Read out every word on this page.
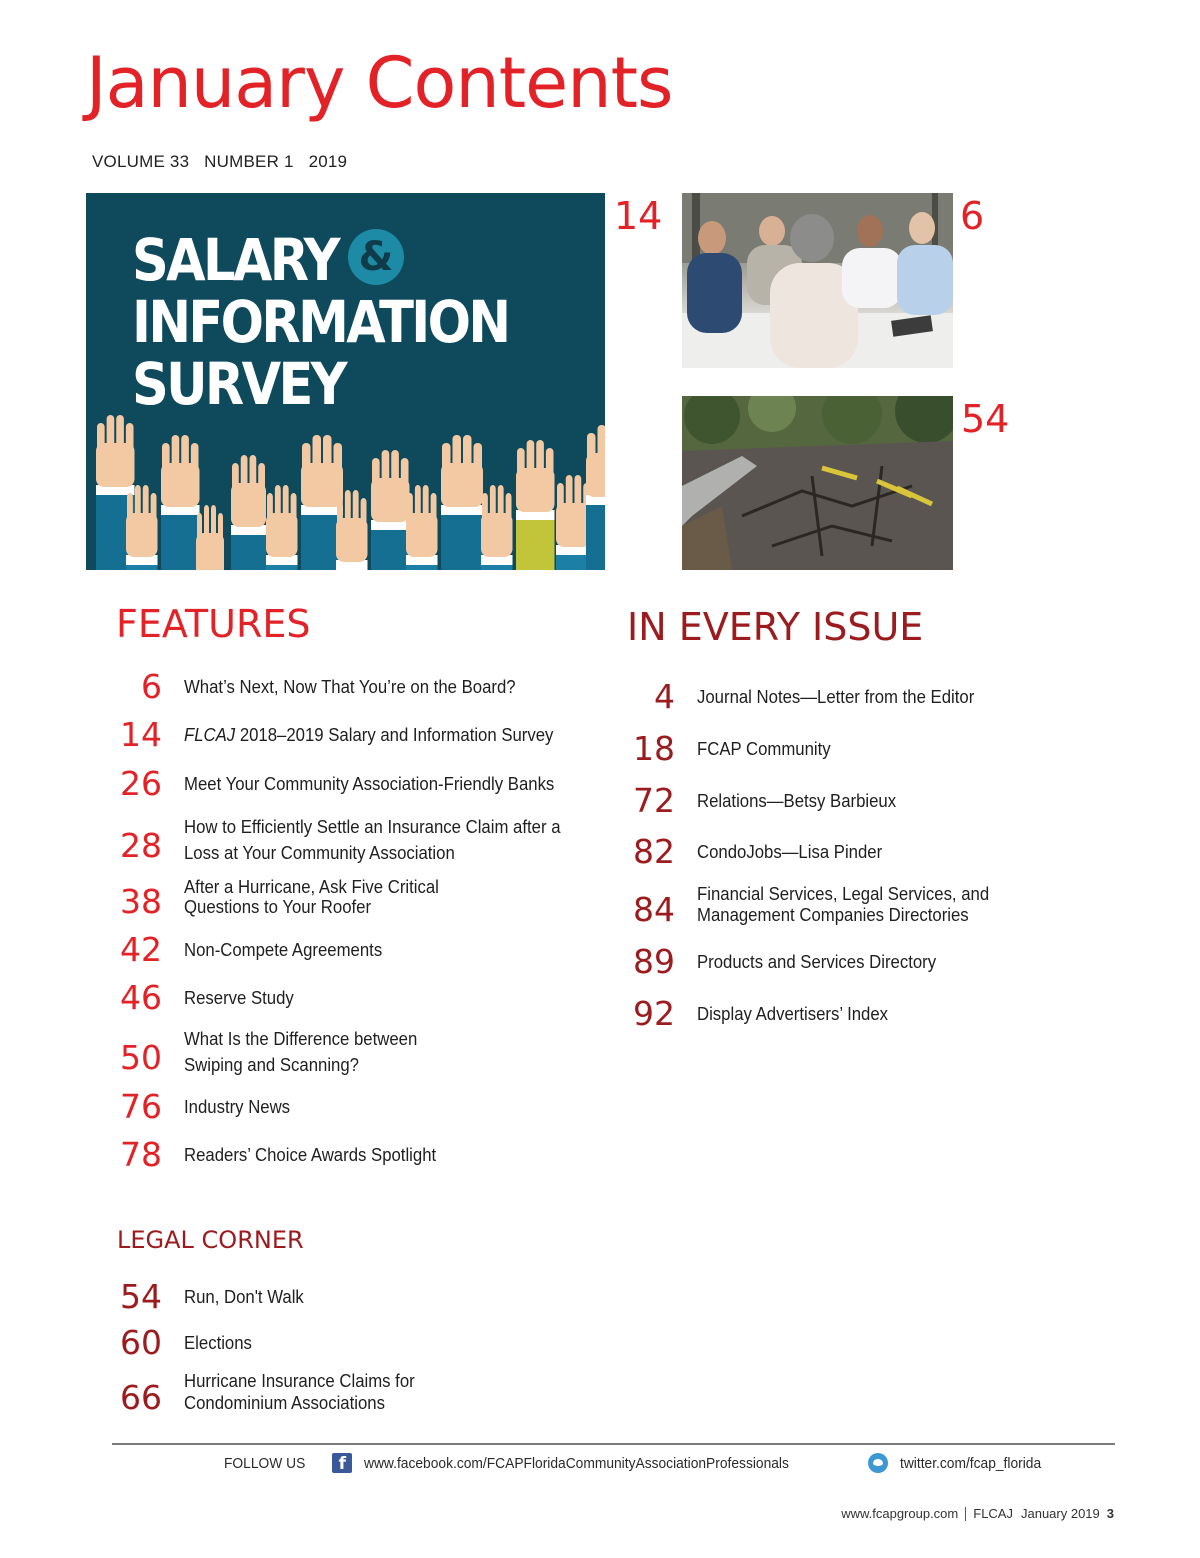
January Contents
VOLUME 33 NUMBER 1 2019
SALARY &
INFORMATION
SURVEY
14	6
54
FEATURES
6 What’s Next, Now That You’re on the Board?
14 FLCAJ 2018–2019 Salary and Information Survey
26 Meet Your Community Association-Friendly Banks
28 How to Efficiently Settle an Insurance Claim after a
Loss at Your Community Association
38 After a Hurricane, Ask Five Critical
Questions to Your Roofer
42 Non-Compete Agreements
46 Reserve Study
50 What Is the Difference between
Swiping and Scanning?
76 Industry News
78 Readers’ Choice Awards Spotlight
IN EVERY ISSUE
4 Journal Notes—Letter from the Editor
18 FCAP Community
72 Relations—Betsy Barbieux
82 CondoJobs—Lisa Pinder
84 Financial Services, Legal Services, and
Management Companies Directories
89 Products and Services Directory
92 Display Advertisers’ Index
LEGAL CORNER
54 Run, Don't Walk
60 Elections
66 Hurricane Insurance Claims for
Condominium Associations
FOLLOW US	f	www.facebook.com/FCAPFloridaCommunityAssociationProfessionals	twitter.com/fcap_florida
www.fcapgroup.com FLCAJ January 2019 3
